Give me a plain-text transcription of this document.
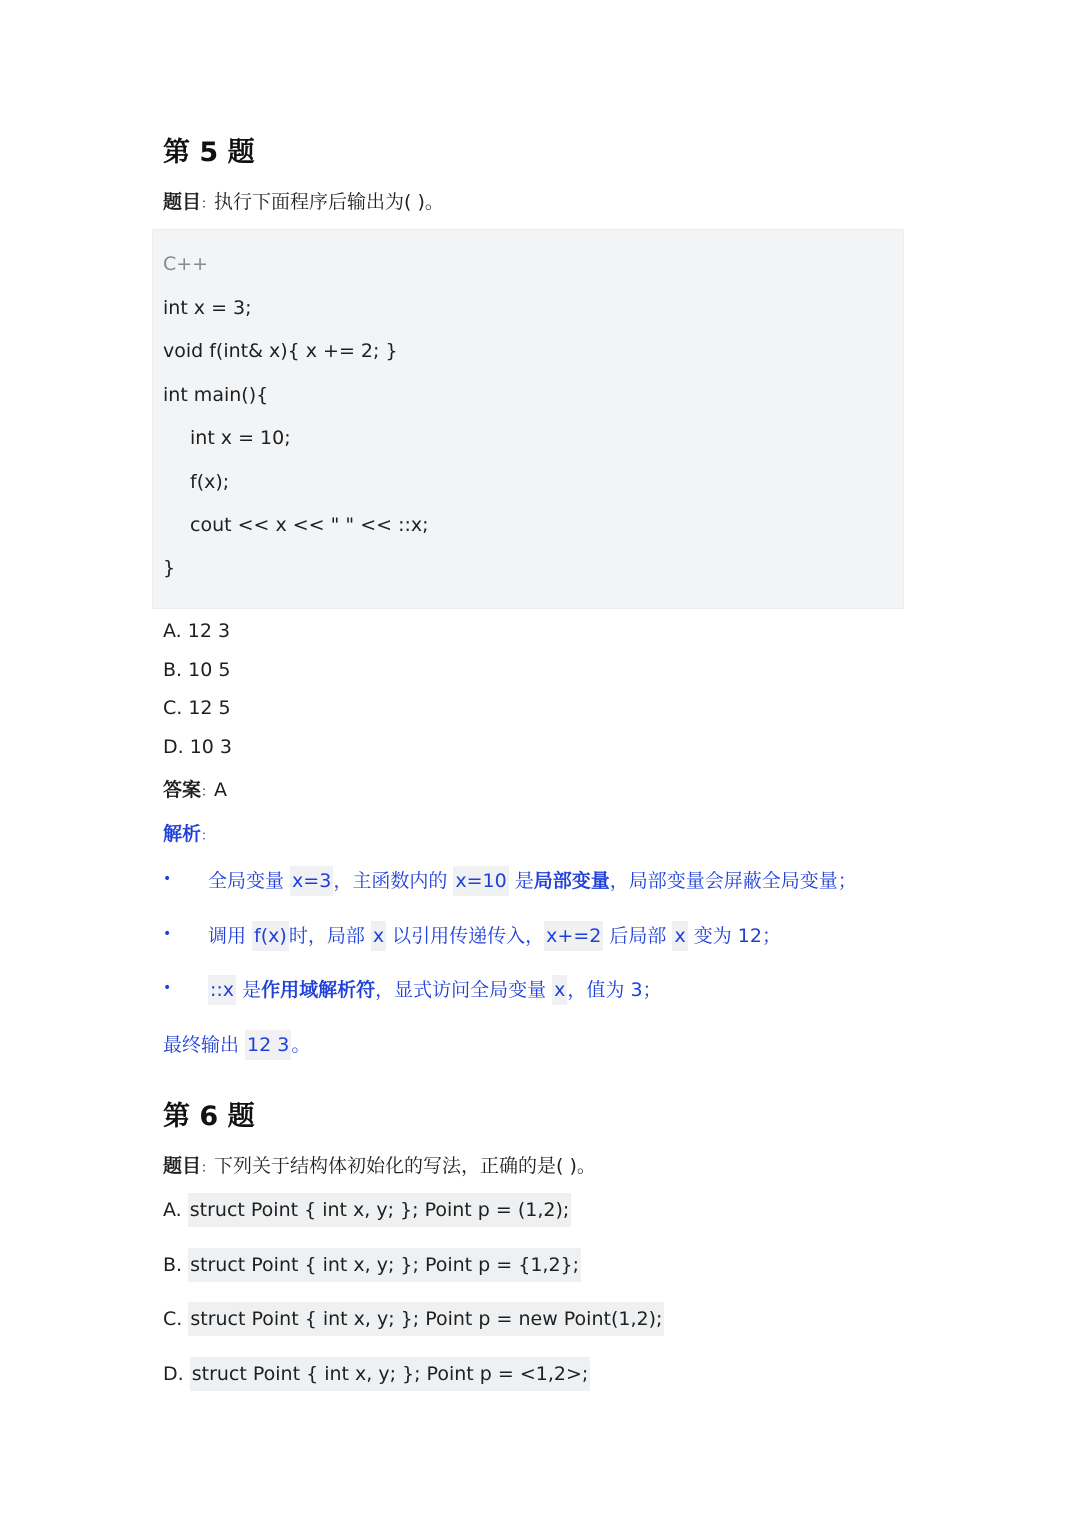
第 5 题
题目：执行下面程序后输出为( )。
C++
int x = 3;
void f(int& x){ x += 2; }
int main(){
int x = 10;
f(x);
cout << x << " " << ::x;
}
A. 12 3
B. 10 5
C. 12 5
D. 10 3
答案：A
解析：
• 全局变量 x=3 ，主函数内的 x=10 是局部变量，局部变量会屏蔽全局变量；
• 调用 f(x) 时，局部 x 以引用传递传入， x+=2 后局部 x 变为 12；
• ::x 是作用域解析符，显式访问全局变量 x ，值为 3；
最终输出 12 3 。
第 6 题
题目：下列关于结构体初始化的写法，正确的是( )。
A. struct Point { int x, y; }; Point p = (1,2);
B. struct Point { int x, y; }; Point p = {1,2};
C. struct Point { int x, y; }; Point p = new Point(1,2);
D. struct Point { int x, y; }; Point p = <1,2>;
